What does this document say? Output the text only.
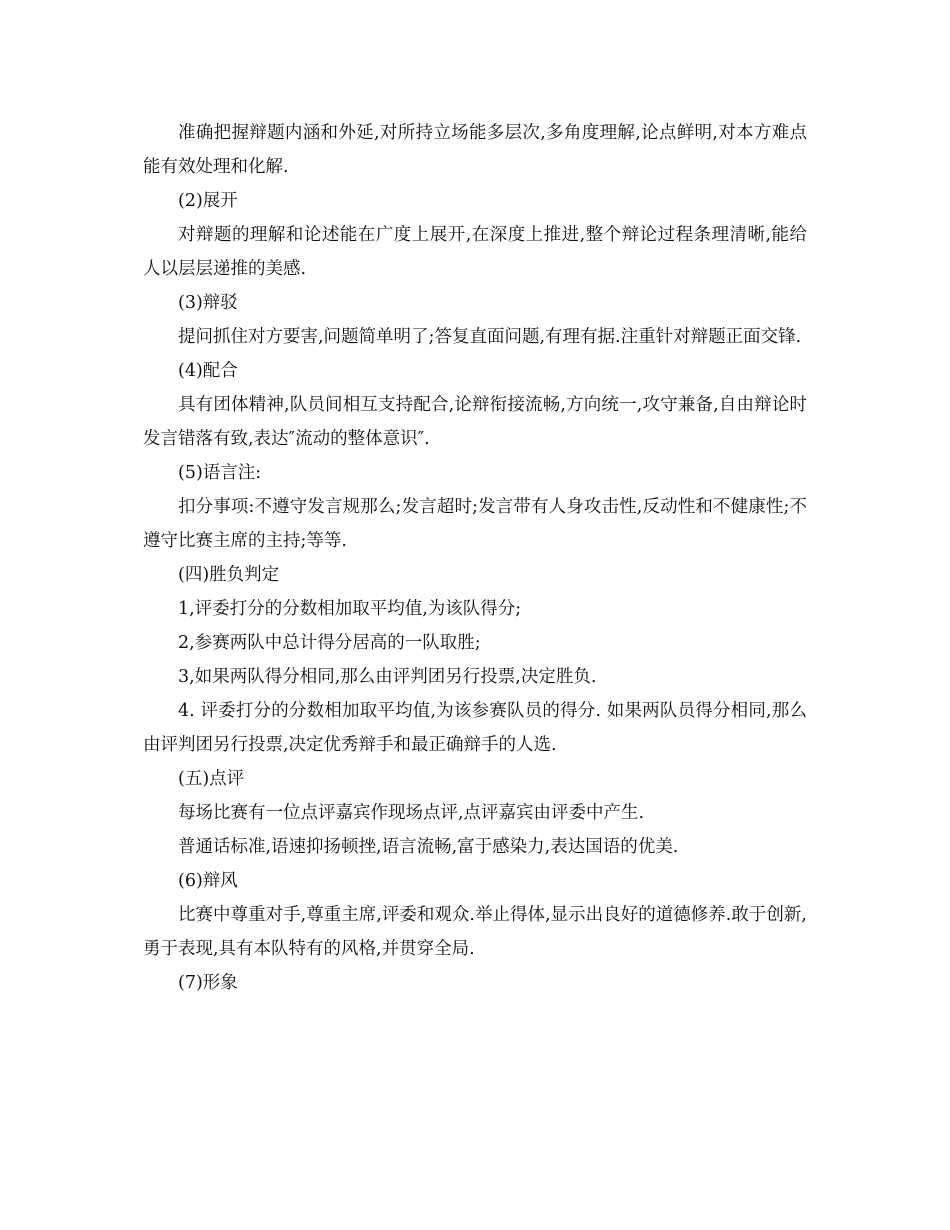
准确把握辩题内涵和外延,对所持立场能多层次,多角度理解,论点鲜明,对本方难点能有效处理和化解.

(2)展开

对辩题的理解和论述能在广度上展开,在深度上推进,整个辩论过程条理清晰,能给人以层层递推的美感.

(3)辩驳

提问抓住对方要害,问题简单明了;答复直面问题,有理有据.注重针对辩题正面交锋.

(4)配合

具有团体精神,队员间相互支持配合,论辩衔接流畅,方向统一,攻守兼备,自由辩论时发言错落有致,表达″流动的整体意识″.

(5)语言注:

扣分事项:不遵守发言规那么;发言超时;发言带有人身攻击性,反动性和不健康性;不遵守比赛主席的主持;等等.

(四)胜负判定

1,评委打分的分数相加取平均值,为该队得分;

2,参赛两队中总计得分居高的一队取胜;

3,如果两队得分相同,那么由评判团另行投票,决定胜负.

4. 评委打分的分数相加取平均值,为该参赛队员的得分. 如果两队员得分相同,那么由评判团另行投票,决定优秀辩手和最正确辩手的人选.

(五)点评

每场比赛有一位点评嘉宾作现场点评,点评嘉宾由评委中产生.

普通话标准,语速抑扬顿挫,语言流畅,富于感染力,表达国语的优美.

(6)辩风

比赛中尊重对手,尊重主席,评委和观众.举止得体,显示出良好的道德修养.敢于创新,勇于表现,具有本队特有的风格,并贯穿全局.

(7)形象
